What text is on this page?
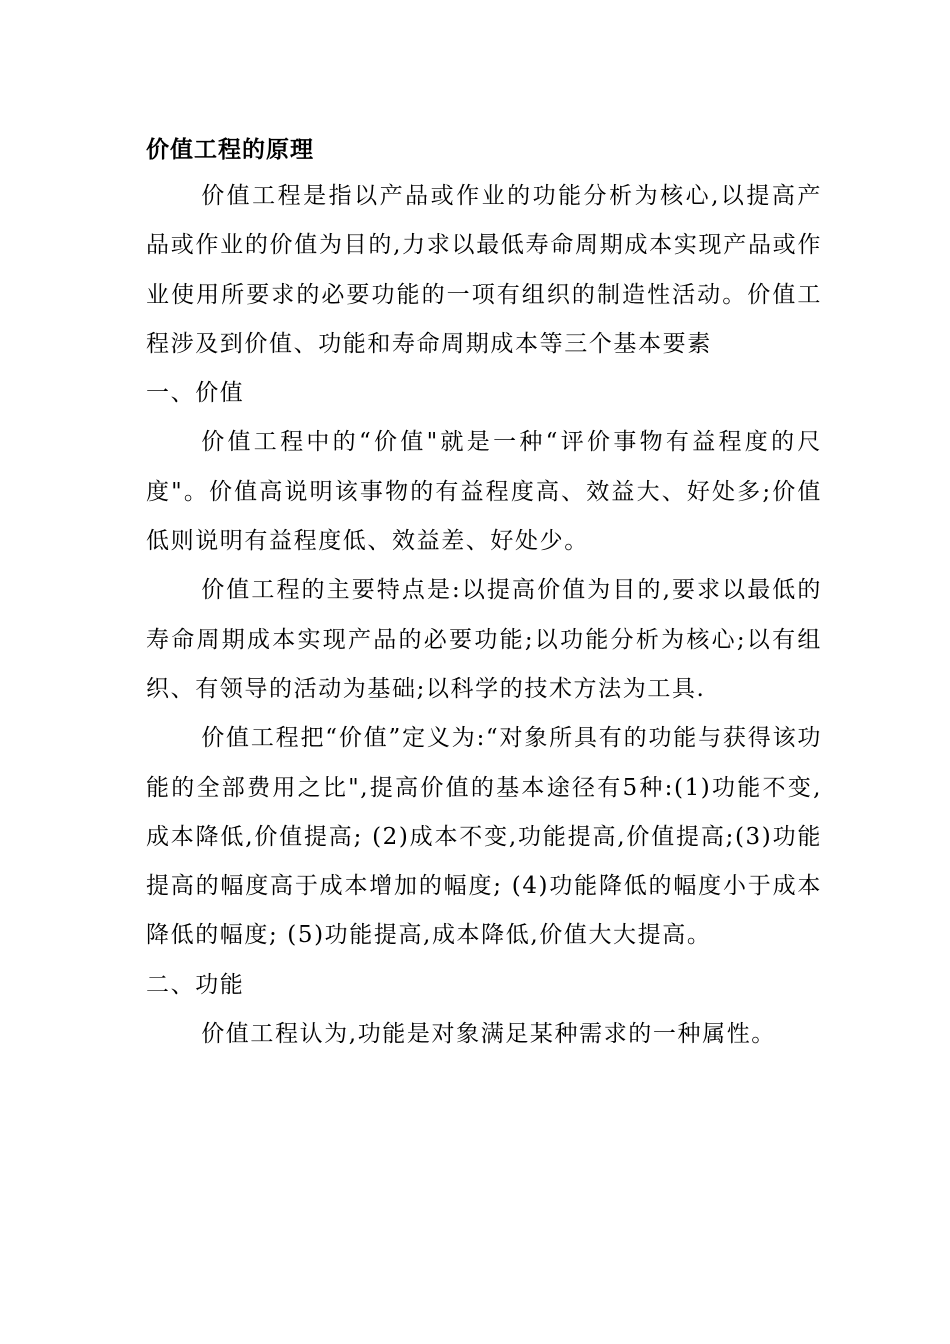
价值工程的原理

价值工程是指以产品或作业的功能分析为核心,以提高产品或作业的价值为目的,力求以最低寿命周期成本实现产品或作业使用所要求的必要功能的一项有组织的制造性活动。价值工程涉及到价值、功能和寿命周期成本等三个基本要素

一、价值

价值工程中的“价值"就是一种“评价事物有益程度的尺度"。价值高说明该事物的有益程度高、效益大、好处多;价值低则说明有益程度低、效益差、好处少。

价值工程的主要特点是:以提高价值为目的,要求以最低的寿命周期成本实现产品的必要功能;以功能分析为核心;以有组织、有领导的活动为基础;以科学的技术方法为工具.

价值工程把“价值”定义为:“对象所具有的功能与获得该功能的全部费用之比",提高价值的基本途径有5种:(1)功能不变,成本降低,价值提高; (2)成本不变,功能提高,价值提高;(3)功能提高的幅度高于成本增加的幅度; (4)功能降低的幅度小于成本降低的幅度; (5)功能提高,成本降低,价值大大提高。

二、功能

价值工程认为,功能是对象满足某种需求的一种属性。
